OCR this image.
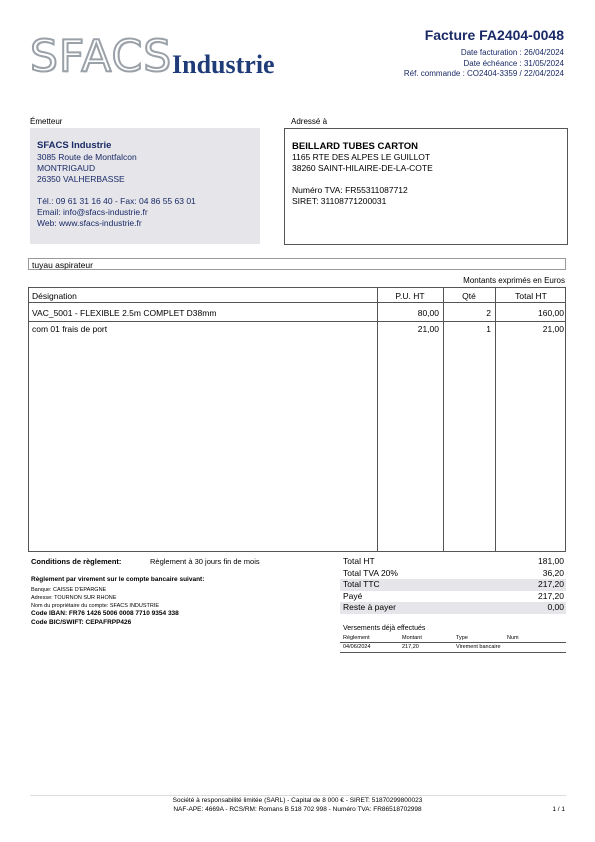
SFACS Industrie
Facture FA2404-0048
Date facturation : 26/04/2024
Date échéance : 31/05/2024
Réf. commande : CO2404-3359 / 22/04/2024
Émetteur
SFACS Industrie
3085 Route de Montfalcon
MONTRIGAUD
26350 VALHERBASSE
Tél.: 09 61 31 16 40 - Fax: 04 86 55 63 01
Email: info@sfacs-industrie.fr
Web: www.sfacs-industrie.fr
Adressé à
BEILLARD TUBES CARTON
1165 RTE DES ALPES LE GUILLOT
38260 SAINT-HILAIRE-DE-LA-COTE
Numéro TVA: FR55311087712
SIRET: 31108771200031
tuyau aspirateur
Montants exprimés en Euros
Désignation	P.U. HT	Qté	Total HT
VAC_5001 - FLEXIBLE 2.5m COMPLET D38mm	80,00	2	160,00
com 01 frais de port	21,00	1	21,00
Conditions de règlement:	Règlement à 30 jours fin de mois
Règlement par virement sur le compte bancaire suivant:
Banque: CAISSE D'EPARGNE
Adresse: TOURNON SUR RHONE
Nom du propriétaire du compte: SFACS INDUSTRIE
Code IBAN: FR76 1426 5006 0008 7710 9354 338
Code BIC/SWIFT: CEPAFRPP426
Total HT	181,00
Total TVA 20%	36,20
Total TTC	217,20
Payé	217,20
Reste à payer	0,00
Versements déjà effectués
Règlement	Montant	Type	Num
04/06/2024	217,20	Virement bancaire
Société à responsabilité limitée (SARL) - Capital de 8 000 € - SIRET: 51870299800023
NAF-APE: 4669A - RCS/RM: Romans B 518 702 998 - Numéro TVA: FR86518702998	1 / 1
